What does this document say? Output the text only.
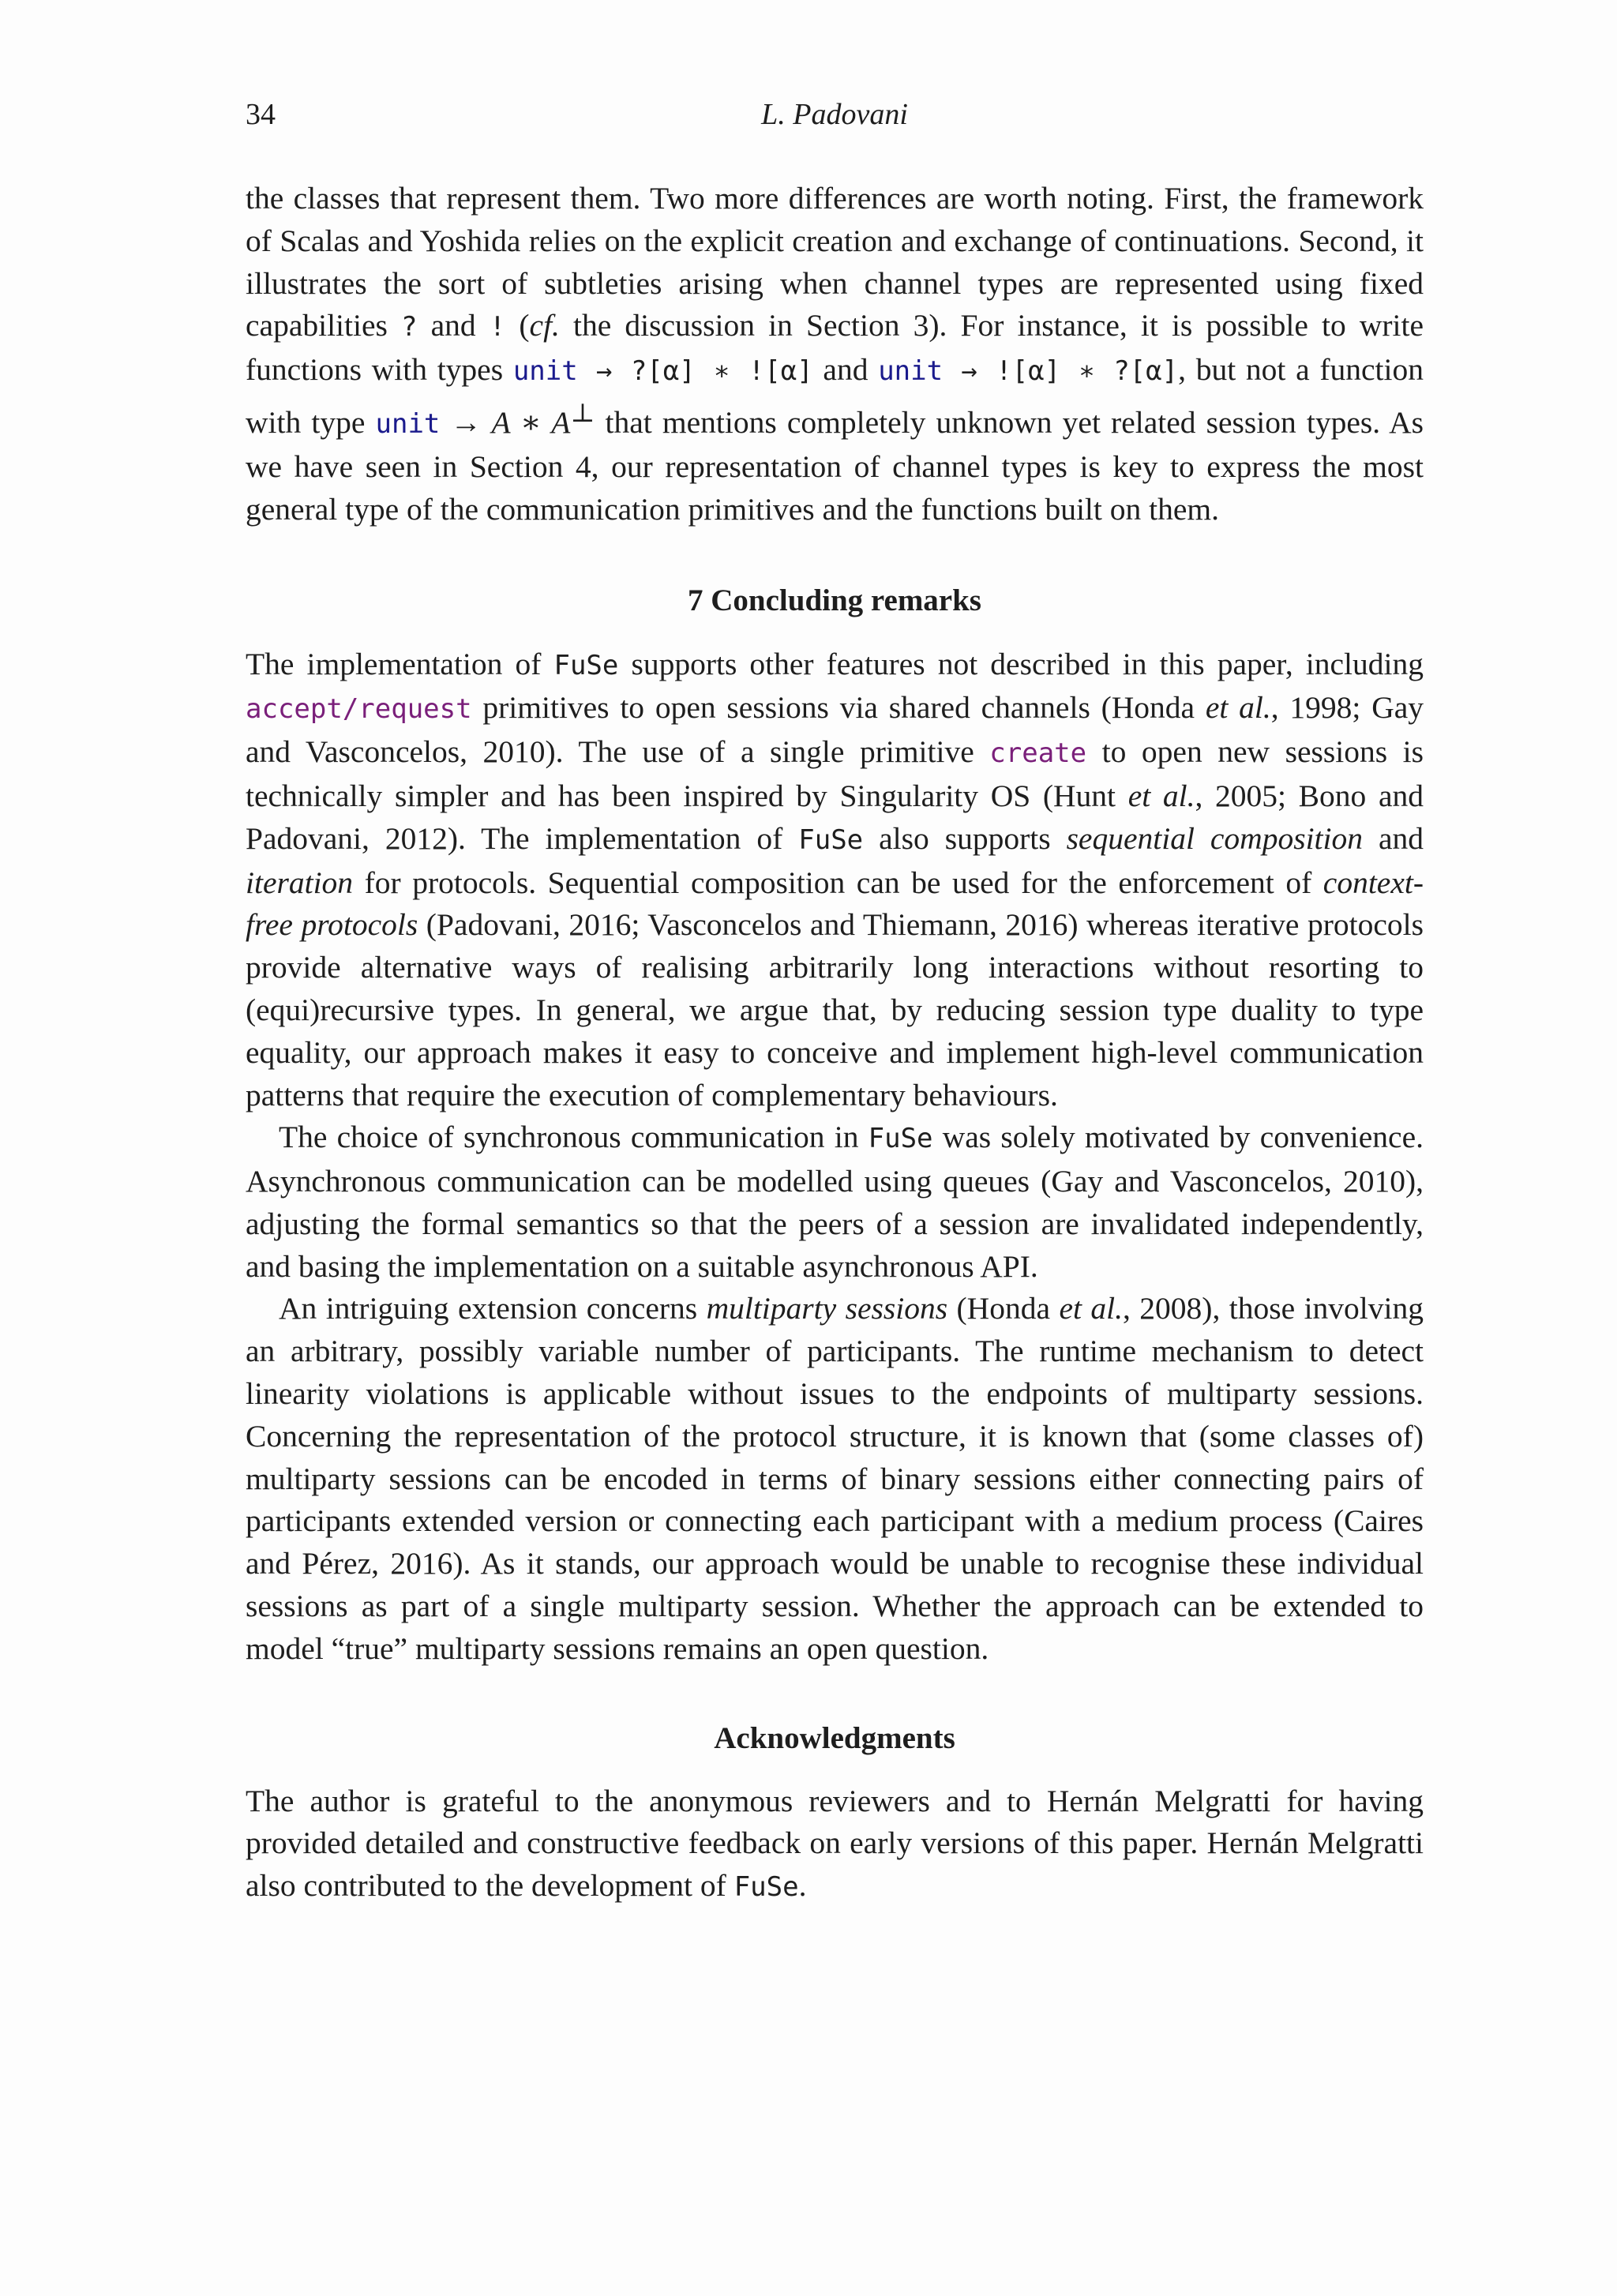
34	L. Padovani

the classes that represent them. Two more differences are worth noting. First, the framework of Scalas and Yoshida relies on the explicit creation and exchange of continuations. Second, it illustrates the sort of subtleties arising when channel types are represented using fixed capabilities ? and ! (cf. the discussion in Section 3). For instance, it is possible to write functions with types unit → ?[α] ∗ ![α] and unit → ![α] ∗ ?[α], but not a function with type unit → A ∗ A⊥ that mentions completely unknown yet related session types. As we have seen in Section 4, our representation of channel types is key to express the most general type of the communication primitives and the functions built on them.

7 Concluding remarks

The implementation of FuSe supports other features not described in this paper, including accept/request primitives to open sessions via shared channels (Honda et al., 1998; Gay and Vasconcelos, 2010). The use of a single primitive create to open new sessions is technically simpler and has been inspired by Singularity OS (Hunt et al., 2005; Bono and Padovani, 2012). The implementation of FuSe also supports sequential composition and iteration for protocols. Sequential composition can be used for the enforcement of context-free protocols (Padovani, 2016; Vasconcelos and Thiemann, 2016) whereas iterative protocols provide alternative ways of realising arbitrarily long interactions without resorting to (equi)recursive types. In general, we argue that, by reducing session type duality to type equality, our approach makes it easy to conceive and implement high-level communication patterns that require the execution of complementary behaviours.

The choice of synchronous communication in FuSe was solely motivated by convenience. Asynchronous communication can be modelled using queues (Gay and Vasconcelos, 2010), adjusting the formal semantics so that the peers of a session are invalidated independently, and basing the implementation on a suitable asynchronous API.

An intriguing extension concerns multiparty sessions (Honda et al., 2008), those involving an arbitrary, possibly variable number of participants. The runtime mechanism to detect linearity violations is applicable without issues to the endpoints of multiparty sessions. Concerning the representation of the protocol structure, it is known that (some classes of) multiparty sessions can be encoded in terms of binary sessions either connecting pairs of participants extended version or connecting each participant with a medium process (Caires and Pérez, 2016). As it stands, our approach would be unable to recognise these individual sessions as part of a single multiparty session. Whether the approach can be extended to model “true” multiparty sessions remains an open question.

Acknowledgments

The author is grateful to the anonymous reviewers and to Hernán Melgratti for having provided detailed and constructive feedback on early versions of this paper. Hernán Melgratti also contributed to the development of FuSe.
